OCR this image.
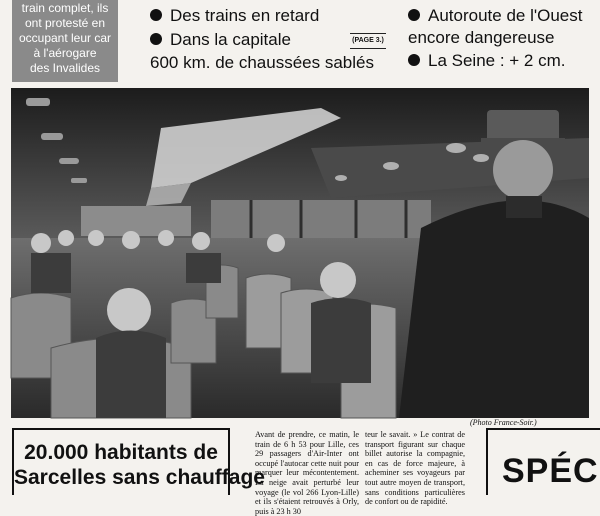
train complet, ils
ont protesté en
occupant leur car
à l'aérogare
des Invalides
Des trains en retard
Dans la capitale
600 km. de chaussées sablés
(PAGE 3.)
Autoroute de l'Ouest
encore dangereuse
La Seine : + 2 cm.
(Photo France-Soir.)
20.000 habitants de
Sarcelles sans chauffage
Avant de prendre, ce matin, le train de 6 h 53 pour Lille, ces 29 passagers d'Air-Inter ont occupé l'autocar cette nuit pour marquer leur mécontentement. La neige avait perturbé leur voyage (le vol 266 Lyon-Lille) et ils s'étaient retrouvés à Orly, puis à 23 h 30
teur le savait. » Le contrat de transport figurant sur chaque billet autorise la compagnie, en cas de force majeure, à acheminer ses voyageurs par tout autre moyen de transport, sans conditions particulières de confort ou de rapidité.
SPÉC
